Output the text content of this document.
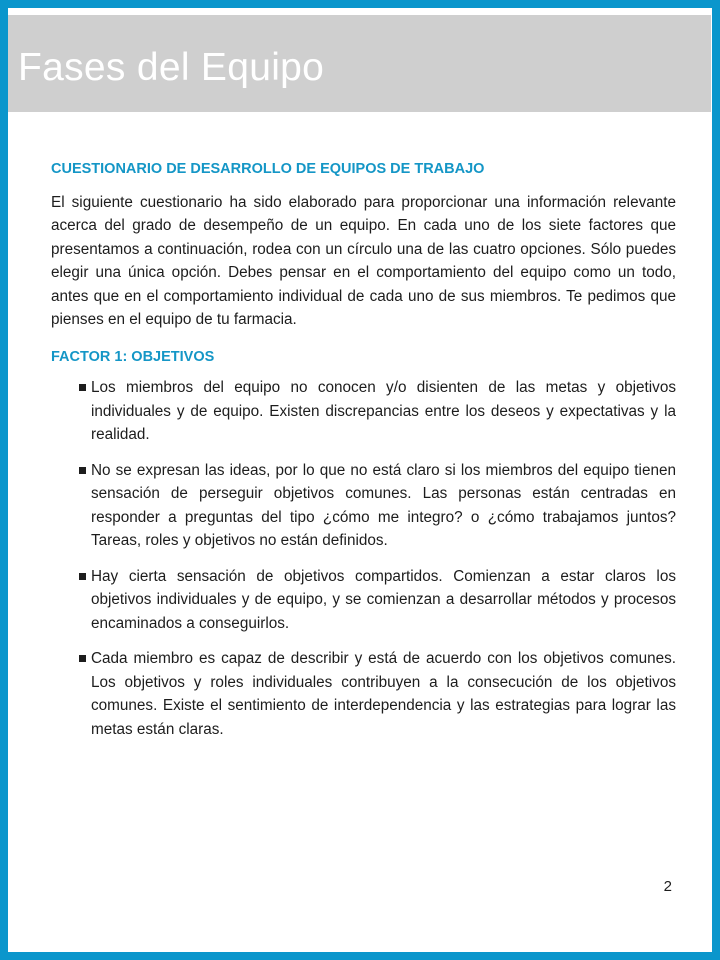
Fases del Equipo
CUESTIONARIO DE DESARROLLO DE EQUIPOS DE TRABAJO

El siguiente cuestionario ha sido elaborado para proporcionar una información relevante acerca del grado de desempeño de un equipo. En cada uno de los siete factores que presentamos a continuación, rodea con un círculo una de las cuatro opciones. Sólo puedes elegir una única opción. Debes pensar en el comportamiento del equipo como un todo, antes que en el comportamiento individual de cada uno de sus miembros. Te pedimos que pienses en el equipo de tu farmacia.

FACTOR 1: OBJETIVOS
Los miembros del equipo no conocen y/o disienten de las metas y objetivos individuales y de equipo. Existen discrepancias entre los deseos y expectativas y la realidad.
No se expresan las ideas, por lo que no está claro si los miembros del equipo tienen sensación de perseguir objetivos comunes. Las personas están centradas en responder a preguntas del tipo ¿cómo me integro? o ¿cómo trabajamos juntos? Tareas, roles y objetivos no están definidos.
Hay cierta sensación de objetivos compartidos. Comienzan a estar claros los objetivos individuales y de equipo, y se comienzan a desarrollar métodos y procesos encaminados a conseguirlos.
Cada miembro es capaz de describir y está de acuerdo con los objetivos comunes. Los objetivos y roles individuales contribuyen a la consecución de los objetivos comunes. Existe el sentimiento de interdependencia y las estrategias para lograr las metas están claras.
2
